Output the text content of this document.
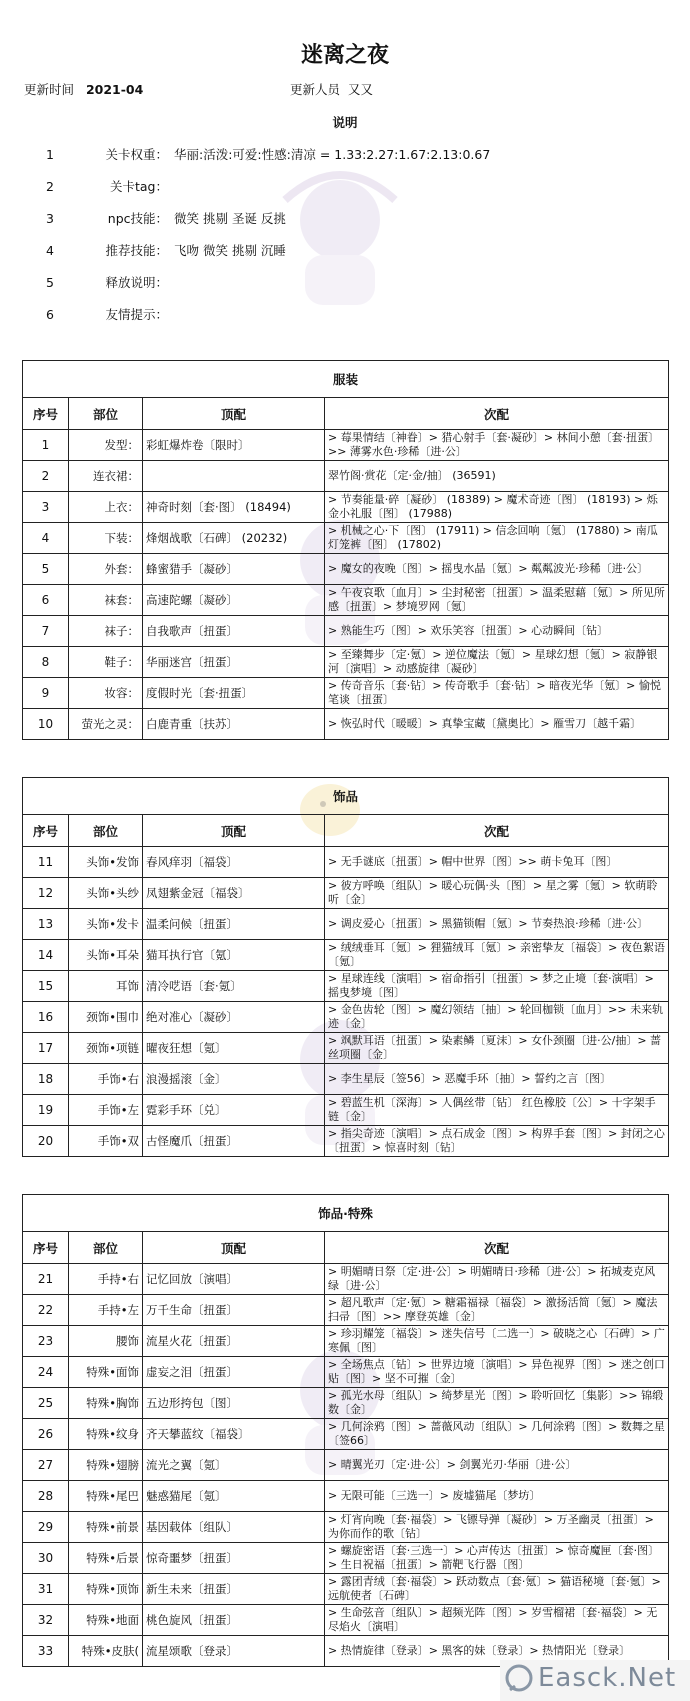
迷离之夜
更新时间 2021-04	更新人员 又又
说明
1	关卡权重： 华丽:活泼:可爱:性感:清凉 = 1.33:2.27:1.67:2.13:0.67
2	关卡tag：
3	npc技能： 微笑 挑剔 圣诞 反挑
4	推荐技能： 飞吻 微笑 挑剔 沉睡
5	释放说明：
6	友情提示：
服装			
序号	部位	顶配	次配
1	发型：	彩虹爆炸卷〔限时〕	> 莓果情结〔神眷〕> 猎心射手〔套·凝砂〕> 林间小憩〔套·扭蛋〕>> 薄雾水色·珍稀〔进·公〕
2	连衣裙：		翠竹阁·赏花〔定·金/抽〕 (36591)
3	上衣：	神奇时刻〔套·图〕 (18494)	> 节奏能量·碎〔凝砂〕 (18389) > 魔术奇迹〔图〕 (18193) > 烁金小礼服〔图〕 (17988)
4	下装：	烽烟战歌〔石碑〕 (20232)	> 机械之心·下〔图〕 (17911) > 信念回响〔氪〕 (17880) > 南瓜灯笼裤〔图〕 (17802)
5	外套：	蜂蜜猎手〔凝砂〕	> 魔女的夜晚〔图〕> 摇曳水晶〔氪〕> 粼粼波光·珍稀〔进·公〕
6	袜套：	高速陀螺〔凝砂〕	> 午夜哀歌〔血月〕> 尘封秘密〔扭蛋〕> 温柔慰藉〔氪〕> 所见所感〔扭蛋〕> 梦境罗网〔氪〕
7	袜子：	自我歌声〔扭蛋〕	> 熟能生巧〔图〕> 欢乐笑容〔扭蛋〕> 心动瞬间〔钻〕
8	鞋子：	华丽迷宫〔扭蛋〕	> 至臻舞步〔定·氪〕> 逆位魔法〔氪〕> 星球幻想〔氪〕> 寂静银河〔演唱〕> 动感旋律〔凝砂〕
9	妆容：	度假时光〔套·扭蛋〕	> 传奇音乐〔套·钻〕> 传奇歌手〔套·钻〕> 暗夜光华〔氪〕> 愉悦笔谈〔扭蛋〕
10	萤光之灵：	白鹿青重〔扶苏〕	> 恢弘时代〔暖暖〕> 真挚宝藏〔黛奥比〕> 雁雪刀〔越千霜〕
饰品			
序号	部位	顶配	次配
11	头饰•发饰	春风痒羽〔福袋〕	> 无手谜底〔扭蛋〕> 帽中世界〔图〕>> 萌卡兔耳〔图〕
12	头饰•头纱	凤翅紫金冠〔福袋〕	> 彼方呼唤〔组队〕> 暖心玩偶·头〔图〕> 星之雾〔氪〕> 软萌聆听〔金〕
13	头饰•发卡	温柔问候〔扭蛋〕	> 调皮爱心〔扭蛋〕> 黑猫锁帽〔氪〕> 节奏热浪·珍稀〔进·公〕
14	头饰•耳朵	猫耳执行官〔氪〕	> 绒绒垂耳〔氪〕> 狸猫绒耳〔氪〕> 亲密挚友〔福袋〕> 夜色絮语〔氪〕
15	耳饰	清冷呓语〔套·氪〕	> 星球连线〔演唱〕> 宿命指引〔扭蛋〕> 梦之止境〔套·演唱〕> 摇曳梦境〔图〕
16	颈饰•围巾	绝对准心〔凝砂〕	> 金色齿轮〔图〕> 魔幻领结〔抽〕> 轮回枷锁〔血月〕>> 未来轨迹〔金〕
17	颈饰•项链	曜夜狂想〔氪〕	> 飒默耳语〔扭蛋〕> 染素鳞〔夏沫〕> 女仆颈圈〔进·公/抽〕> 蔷丝项圈〔金〕
18	手饰•右	浪漫摇滚〔金〕	> 李生星辰〔签56〕> 恶魔手环〔抽〕> 誓约之言〔图〕
19	手饰•左	霓彩手环〔兑〕	> 碧蓝生机〔深海〕> 人偶丝带〔钻〕 红色橡胶〔公〕> 十字架手链〔金〕
20	手饰•双	古怪魔爪〔扭蛋〕	> 指尖奇迹〔演唱〕> 点石成金〔图〕> 构界手套〔图〕> 封闭之心〔扭蛋〕> 惊喜时刻〔钻〕
饰品·特殊			
序号	部位	顶配	次配
21	手持•右	记忆回放〔演唱〕	> 明媚晴日祭〔定·进·公〕> 明媚晴日·珍稀〔进·公〕> 拓城麦克风绿〔进·公〕
22	手持•左	万千生命〔扭蛋〕	> 超凡歌声〔定·氪〕> 糖霜福禄〔福袋〕> 激扬活简〔氪〕> 魔法扫帚〔图〕>> 摩登英雄〔金〕
23	腰饰	流星火花〔扭蛋〕	> 珍羽耀笼〔福袋〕> 迷失信号〔二选一〕> 破晓之心〔石碑〕> 广寒佩〔图〕
24	特殊•面饰	虚妄之泪〔扭蛋〕	> 全场焦点〔钻〕> 世界边境〔演唱〕> 异色视界〔图〕> 迷之创口贴〔图〕> 坚不可摧〔金〕
25	特殊•胸饰	五边形挎包〔图〕	> 孤光水母〔组队〕> 绮梦星光〔图〕> 聆听回忆〔集影〕>> 锦缎数〔金〕
26	特殊•纹身	齐天攀蓝纹〔福袋〕	> 几何涂鸦〔图〕> 蔷薇风动〔组队〕> 几何涂鸦〔图〕> 数舞之星〔签66〕
27	特殊•翅膀	流光之翼〔氪〕	> 晴翼光刃〔定·进·公〕> 剑翼光刃·华丽〔进·公〕
28	特殊•尾巴	魅惑猫尾〔氪〕	> 无限可能〔三选一〕> 废墟猫尾〔梦坊〕
29	特殊•前景	基因载体〔组队〕	> 灯宵向晚〔套·福袋〕> 飞镖导弹〔凝砂〕> 万圣幽灵〔扭蛋〕> 为你而作的歌〔钻〕
30	特殊•后景	惊奇噩梦〔扭蛋〕	> 螺旋密语〔套·三选一〕> 心声传达〔扭蛋〕> 惊奇魔匣〔套·图〕> 生日祝福〔扭蛋〕> 箭靶飞行器〔图〕
31	特殊•顶饰	新生未来〔扭蛋〕	> 露团青绒〔套·福袋〕> 跃动数点〔套·氪〕> 猫语秘境〔套·氪〕> 远航使者〔石碑〕
32	特殊•地面	桃色旋风〔扭蛋〕	> 生命弦音〔组队〕> 超频光阵〔图〕> 岁雪榴裙〔套·福袋〕> 无尽焰火〔演唱〕
33	特殊•皮肤(	流星颂歌〔登录〕	> 热情旋律〔登录〕> 黑客的妹〔登录〕> 热情阳光〔登录〕
Easck.Net
